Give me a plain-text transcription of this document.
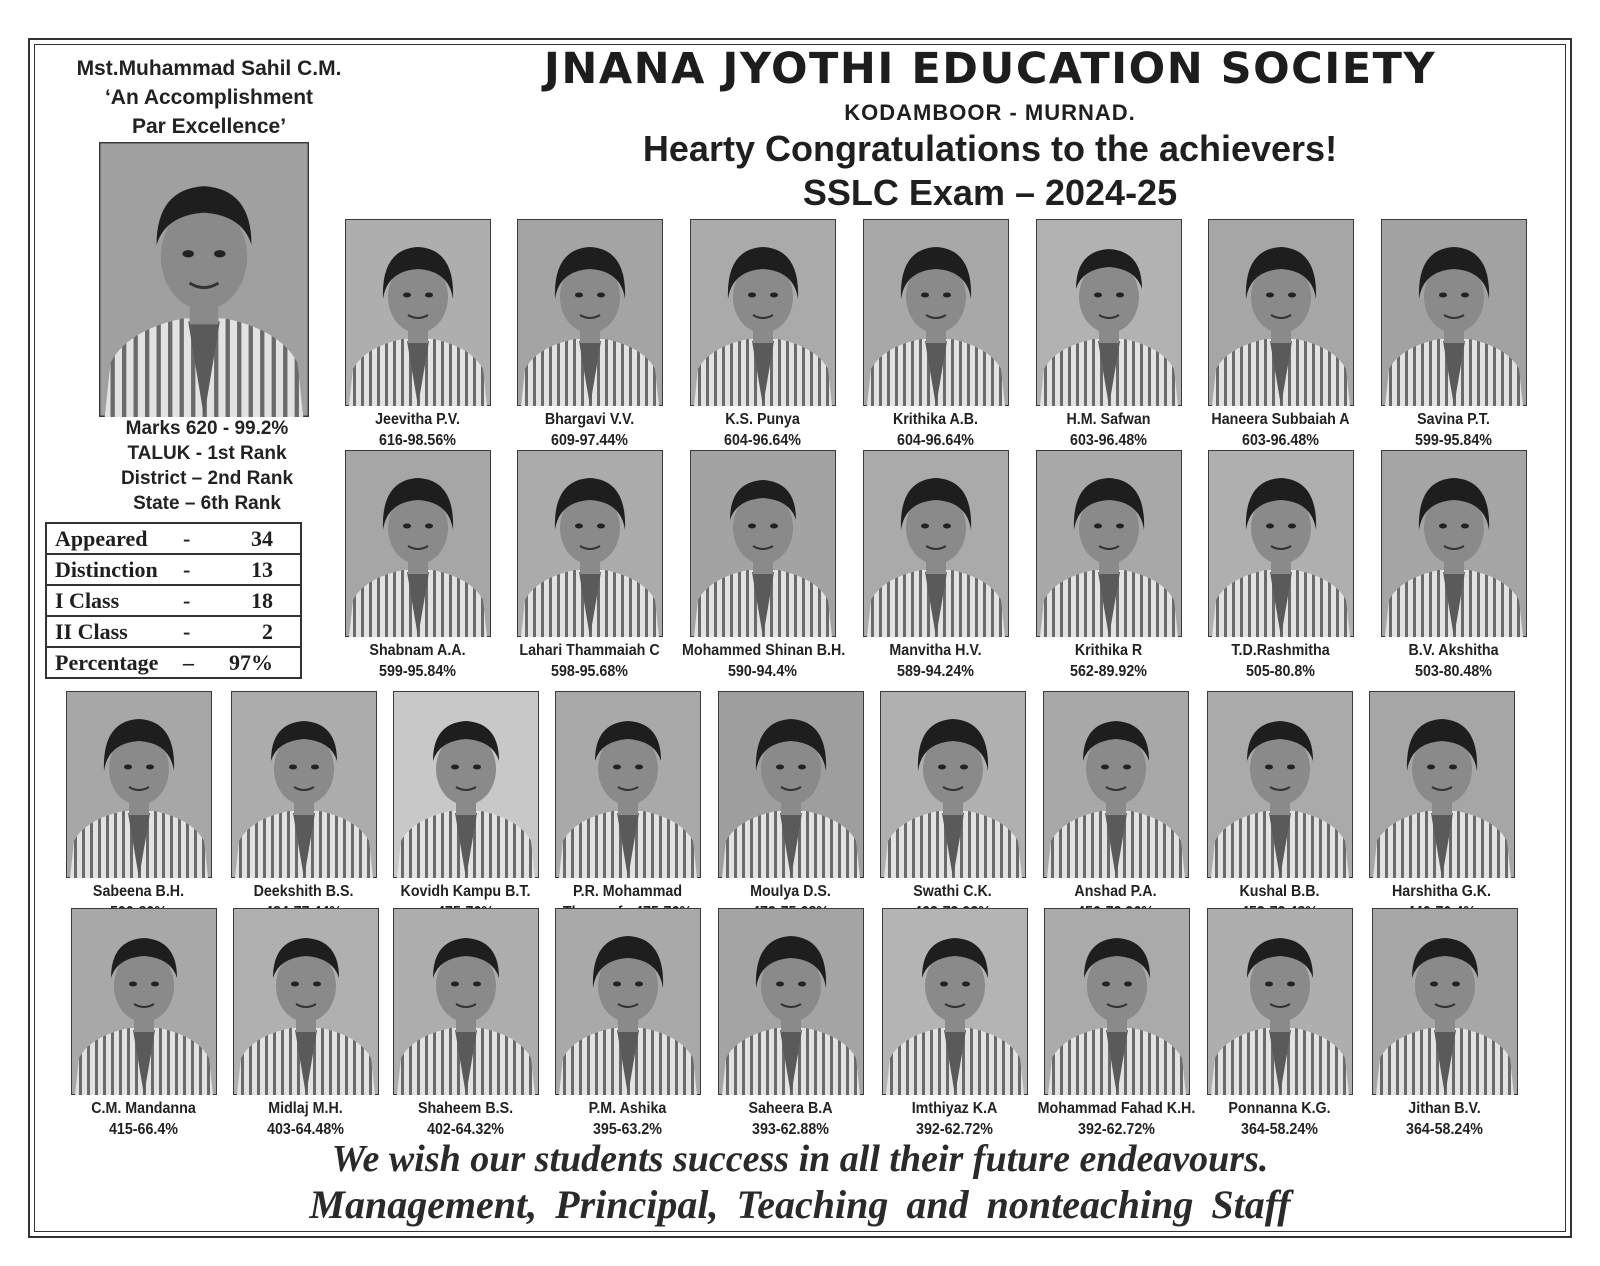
Mst.Muhammad Sahil C.M.
‘An Accomplishment
Par Excellence’
Marks 620 - 99.2%
TALUK - 1st Rank
District – 2nd Rank
State – 6th Rank
Appeared -	34
Distinction -	13
I Class	-	18
II Class	-	2
Percentage – 97%
JNANA JYOTHI EDUCATION SOCIETY
KODAMBOOR - MURNAD.
Hearty Congratulations to the achievers!
SSLC Exam – 2024-25
Jeevitha P.V.
616-98.56%
Bhargavi V.V.
609-97.44%
K.S. Punya
604-96.64%
Krithika A.B.
604-96.64%
H.M. Safwan
603-96.48%
Haneera Subbaiah A
603-96.48%
Savina P.T.
599-95.84%
Shabnam A.A.
599-95.84%
Lahari Thammaiah C
598-95.68%
Mohammed Shinan B.H.
590-94.4%
Manvitha H.V.
589-94.24%
Krithika R
562-89.92%
T.D.Rashmitha
505-80.8%
B.V. Akshitha
503-80.48%
Sabeena B.H.	Deekshith B.S.	Kovidh Kampu B.T.	P.R. Mohammad	Moulya D.S.	Swathi C.K.	Anshad P.A.	Kushal B.B.	Harshitha G.K.
C.M. Mandanna
415-66.4%
Midlaj M.H.
403-64.48%
Shaheem B.S.
402-64.32%
P.M. Ashika
395-63.2%
Saheera B.A
393-62.88%
Imthiyaz K.A
392-62.72%
Mohammad Fahad K.H.
392-62.72%
Ponnanna K.G.
364-58.24%
Jithan B.V.
364-58.24%
We wish our students success in all their future endeavours.
Management, Principal, Teaching and nonteaching Staff
